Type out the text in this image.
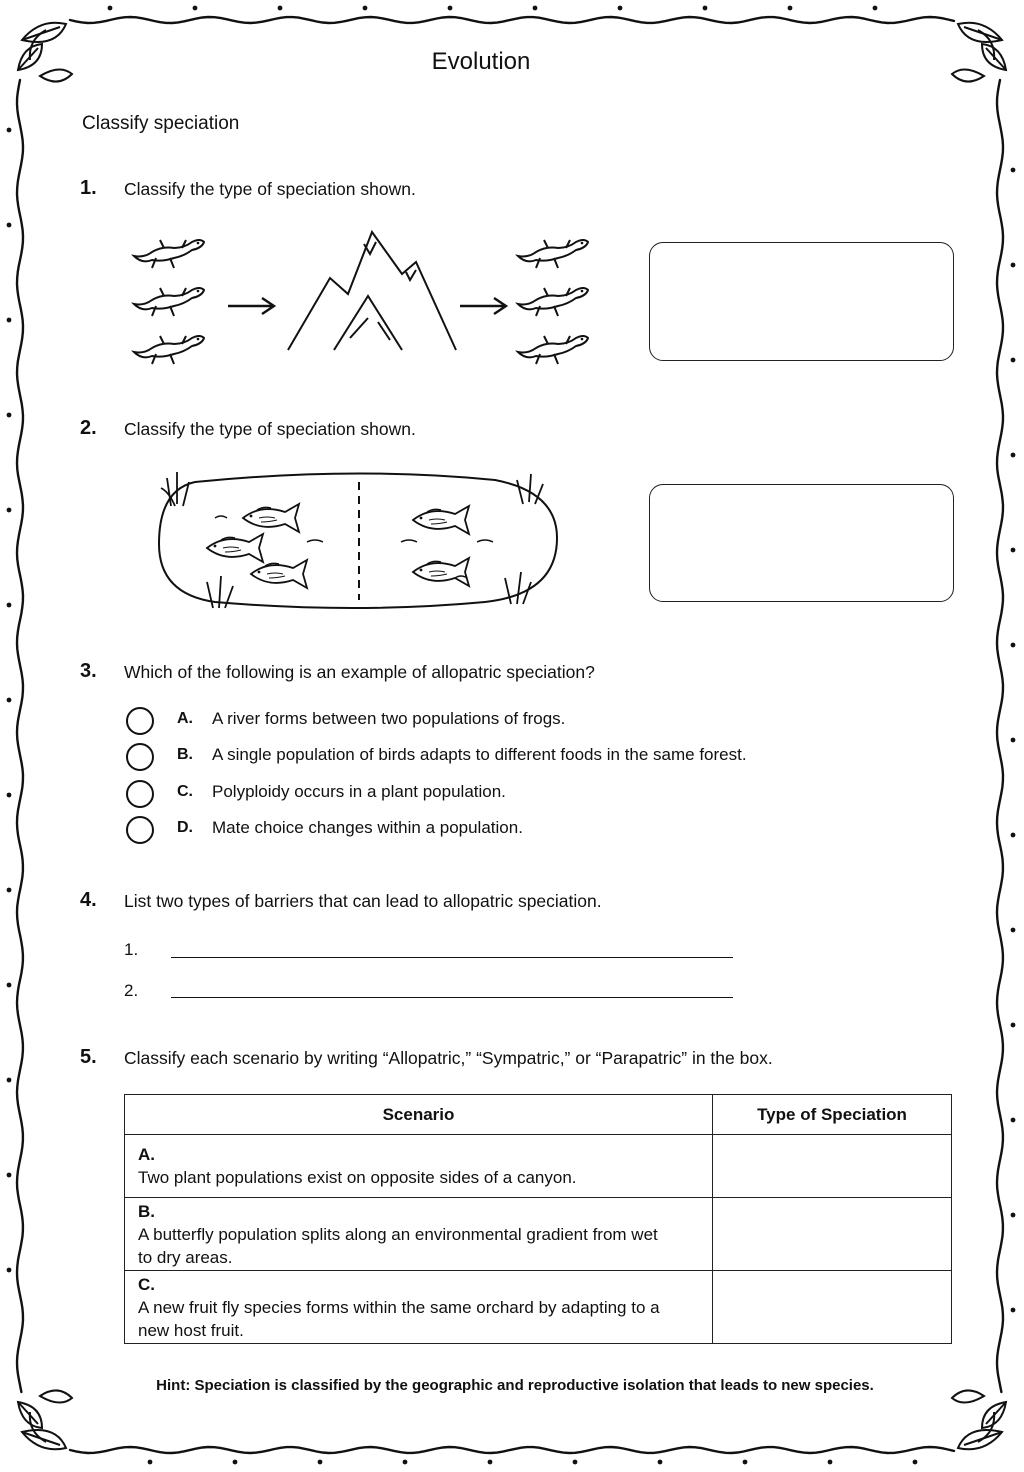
Evolution
Classify speciation
1. Classify the type of speciation shown.
2. Classify the type of speciation shown.
3. Which of the following is an example of allopatric speciation?
A. A river forms between two populations of frogs.
B. A single population of birds adapts to different foods in the same forest.
C. Polyploidy occurs in a plant population.
D. Mate choice changes within a population.
4. List two types of barriers that can lead to allopatric speciation.
1.
2.
5. Classify each scenario by writing “Allopatric,” “Sympatric,” or “Parapatric” in the box.
Scenario	Type of Speciation
A.Two plant populations exist on opposite sides of a canyon.	
B.A butterfly population splits along an environmental gradient from wet to dry areas.	
C.A new fruit fly species forms within the same orchard by adapting to a new host fruit.	
Hint: Speciation is classified by the geographic and reproductive isolation that leads to new species.
